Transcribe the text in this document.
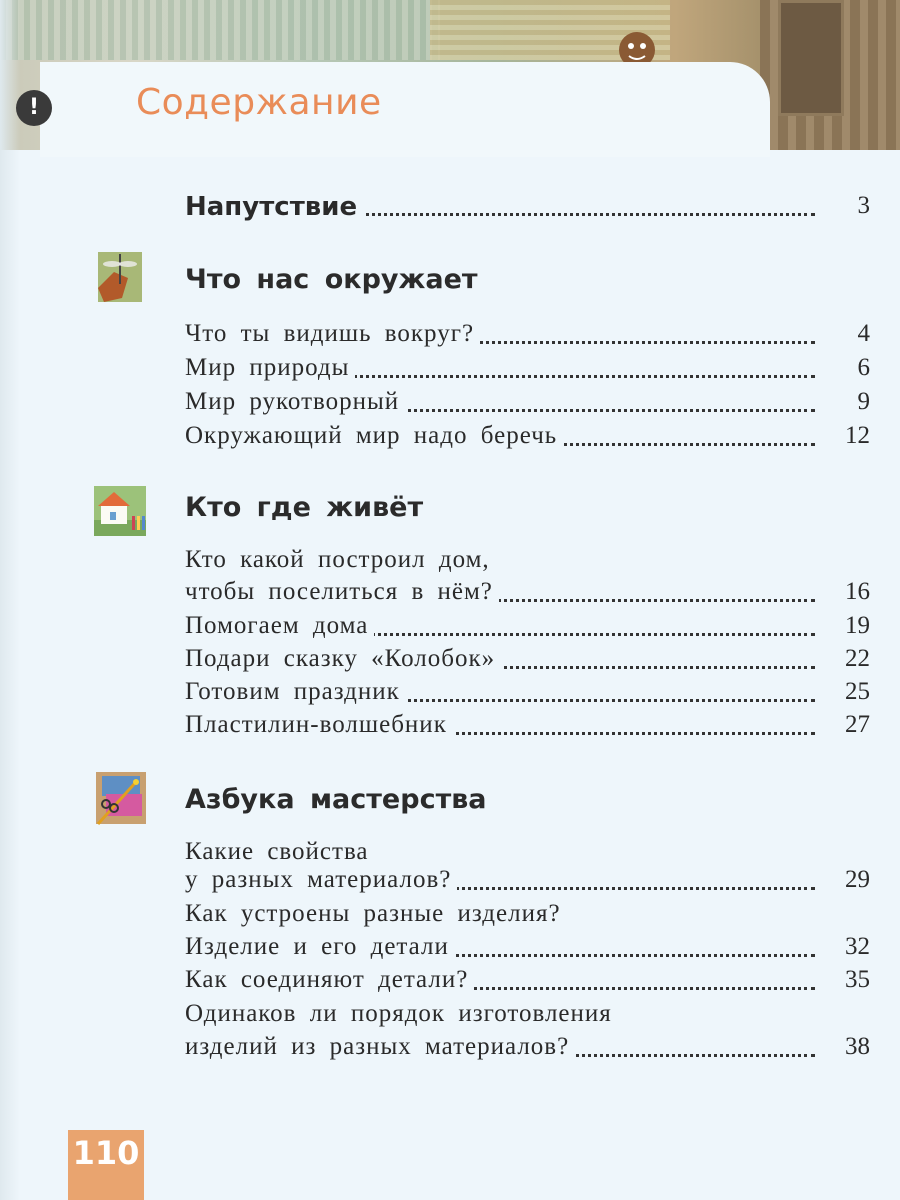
!	Содержание
Напутствие	3
Что нас окружает
Что ты видишь вокруг?	4
Мир природы	6
Мир рукотворный	9
Окружающий мир надо беречь	12
Кто где живёт
Кто какой построил дом,
чтобы поселиться в нём?	16
Помогаем дома	19
Подари сказку «Колобок»	22
Готовим праздник	25
Пластилин-волшебник	27
Азбука мастерства
Какие свойства
у разных материалов?	29
Как устроены разные изделия?
Изделие и его детали	32
Как соединяют детали?	35
Одинаков ли порядок изготовления
изделий из разных материалов?	38
110
